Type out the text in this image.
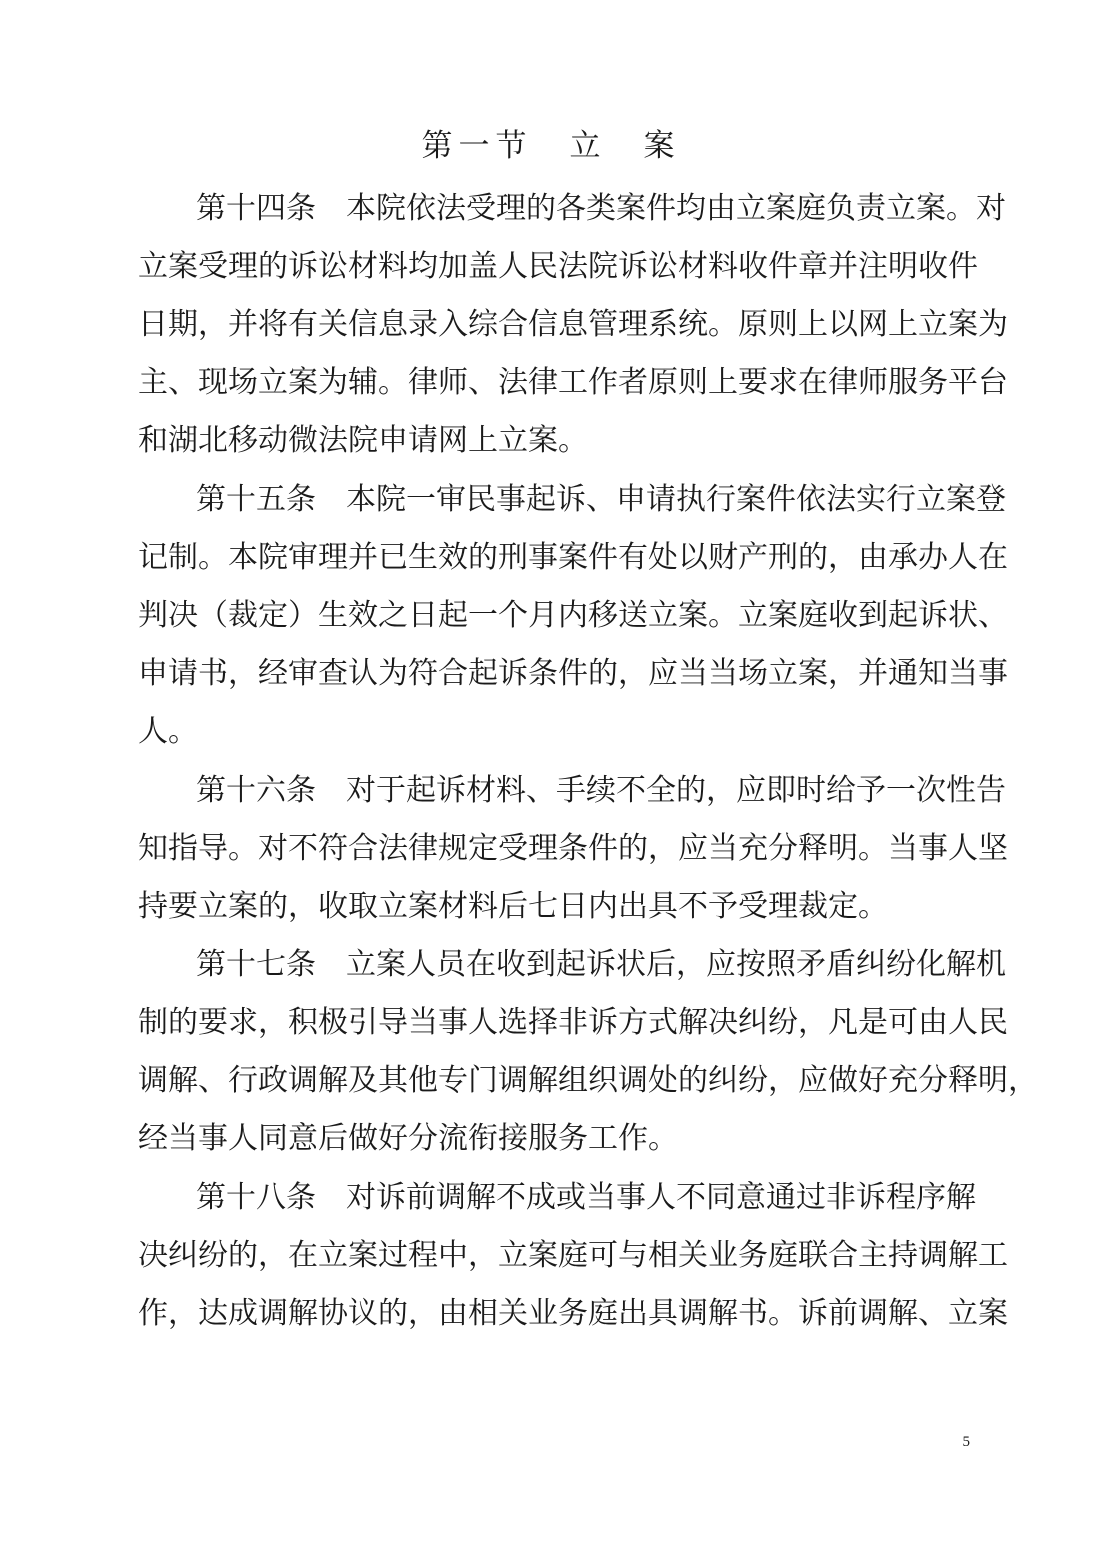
第一节　立　案
第十四条　本院依法受理的各类案件均由立案庭负责立案。对
立案受理的诉讼材料均加盖人民法院诉讼材料收件章并注明收件
日期，并将有关信息录入综合信息管理系统。原则上以网上立案为
主、现场立案为辅。律师、法律工作者原则上要求在律师服务平台
和湖北移动微法院申请网上立案。
第十五条　本院一审民事起诉、申请执行案件依法实行立案登
记制。本院审理并已生效的刑事案件有处以财产刑的，由承办人在
判决（裁定）生效之日起一个月内移送立案。立案庭收到起诉状、
申请书，经审查认为符合起诉条件的，应当当场立案，并通知当事
人。
第十六条　对于起诉材料、手续不全的，应即时给予一次性告
知指导。对不符合法律规定受理条件的，应当充分释明。当事人坚
持要立案的，收取立案材料后七日内出具不予受理裁定。
第十七条　立案人员在收到起诉状后，应按照矛盾纠纷化解机
制的要求，积极引导当事人选择非诉方式解决纠纷，凡是可由人民
调解、行政调解及其他专门调解组织调处的纠纷，应做好充分释明，
经当事人同意后做好分流衔接服务工作。
第十八条　对诉前调解不成或当事人不同意通过非诉程序解
决纠纷的，在立案过程中，立案庭可与相关业务庭联合主持调解工
作，达成调解协议的，由相关业务庭出具调解书。诉前调解、立案
5
